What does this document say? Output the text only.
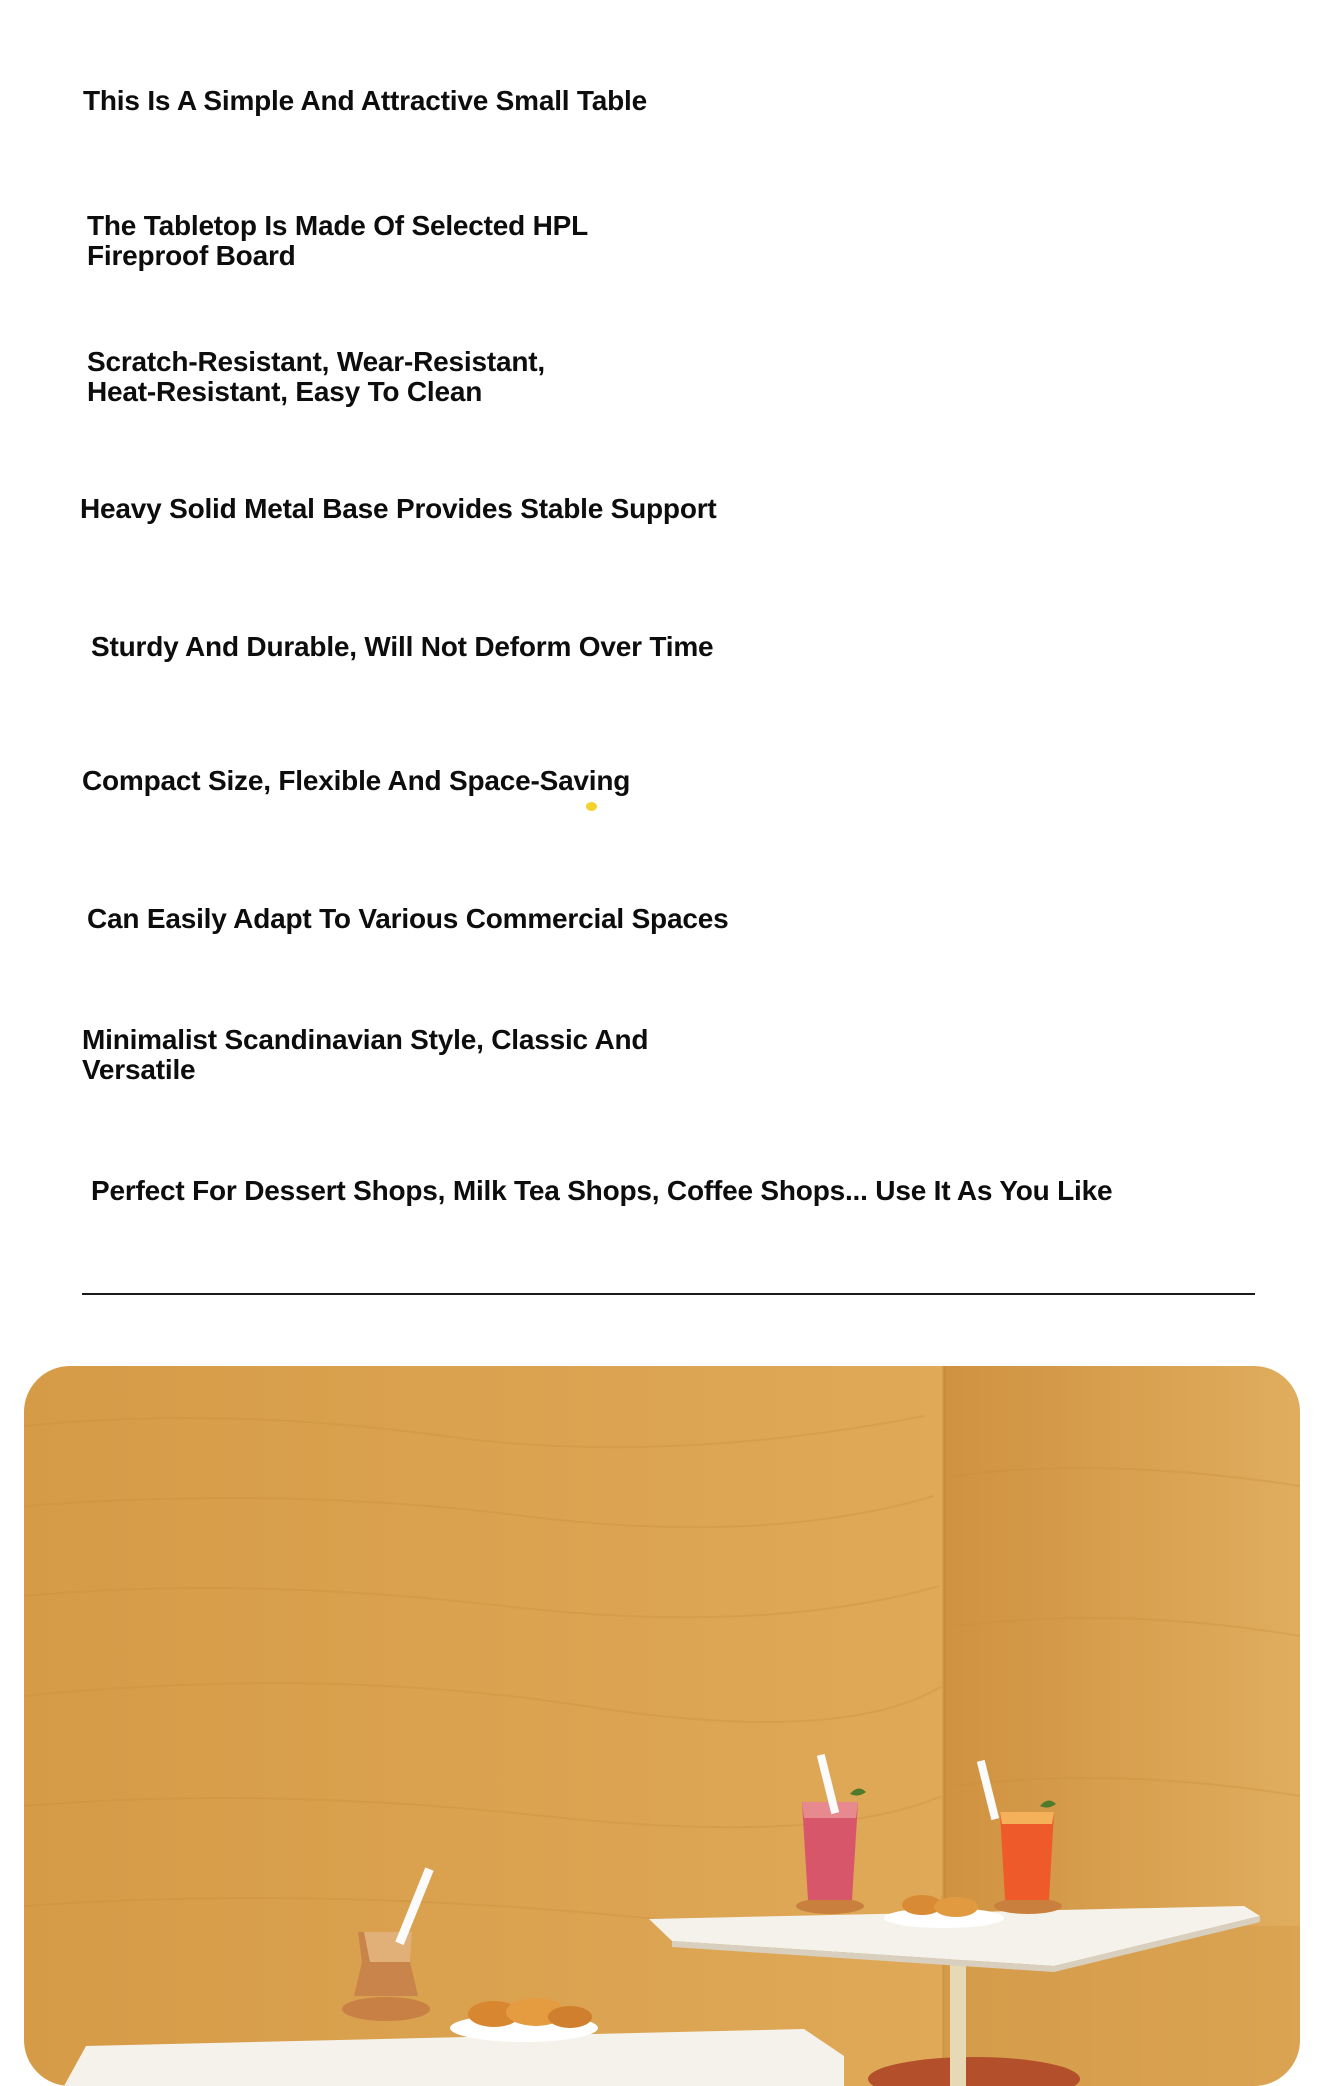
This Is A Simple And Attractive Small Table
The Tabletop Is Made Of Selected HPL
Fireproof Board
Scratch-Resistant, Wear-Resistant,
Heat-Resistant, Easy To Clean
Heavy Solid Metal Base Provides Stable Support
Sturdy And Durable, Will Not Deform Over Time
Compact Size, Flexible And Space-Saving
Can Easily Adapt To Various Commercial Spaces
Minimalist Scandinavian Style, Classic And
Versatile
Perfect For Dessert Shops, Milk Tea Shops, Coffee Shops... Use It As You Like
